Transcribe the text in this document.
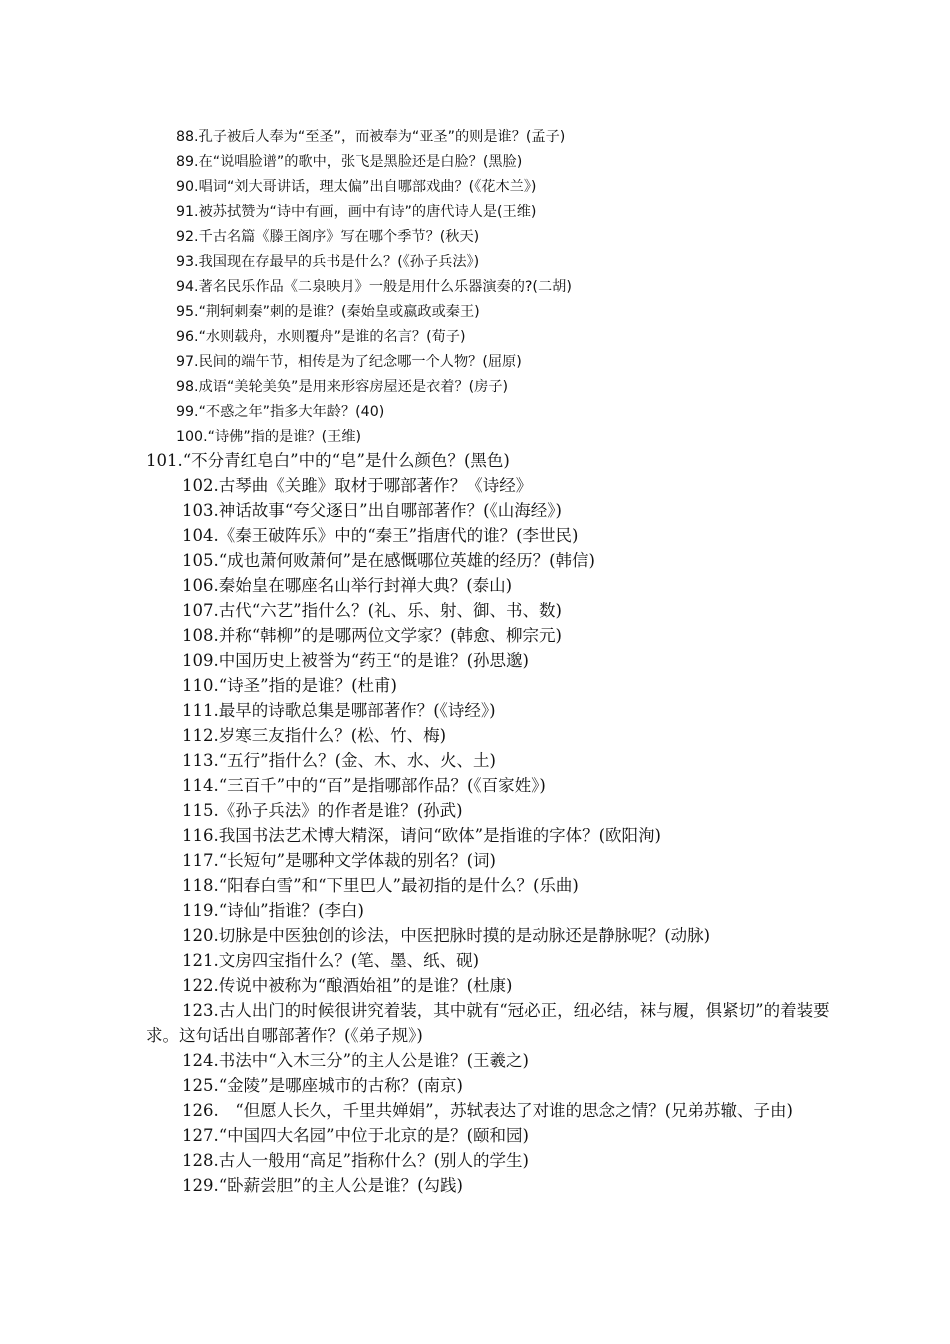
88.孔子被后人奉为“至圣”，而被奉为“亚圣”的则是谁？(孟子)
89.在“说唱脸谱”的歌中，张飞是黑脸还是白脸？(黑脸)
90.唱词“刘大哥讲话，理太偏”出自哪部戏曲？(《花木兰》)
91.被苏拭赞为“诗中有画，画中有诗”的唐代诗人是(王维)
92.千古名篇《滕王阁序》写在哪个季节？(秋天)
93.我国现在存最早的兵书是什么？(《孙子兵法》)
94.著名民乐作品《二泉映月》一般是用什么乐器演奏的?(二胡)
95.“荆轲刺秦”刺的是谁？(秦始皇或嬴政或秦王)
96.“水则载舟，水则覆舟”是谁的名言？(荀子)
97.民间的端午节，相传是为了纪念哪一个人物？(屈原)
98.成语“美轮美奂”是用来形容房屋还是衣着？(房子)
99.“不惑之年”指多大年龄？(40)
100.“诗佛”指的是谁？(王维)
101.“不分青红皂白”中的“皂”是什么颜色？(黑色)
102.古琴曲《关雎》取材于哪部著作？《诗经》
103.神话故事“夸父逐日”出自哪部著作？(《山海经》)
104.《秦王破阵乐》中的“秦王”指唐代的谁？(李世民)
105.“成也萧何败萧何”是在感慨哪位英雄的经历？(韩信)
106.秦始皇在哪座名山举行封禅大典？(泰山)
107.古代“六艺”指什么？(礼、乐、射、御、书、数)
108.并称“韩柳”的是哪两位文学家？(韩愈、柳宗元)
109.中国历史上被誉为“药王“的是谁？(孙思邈)
110.“诗圣”指的是谁？(杜甫)
111.最早的诗歌总集是哪部著作？(《诗经》)
112.岁寒三友指什么？(松、竹、梅)
113.“五行”指什么？(金、木、水、火、土)
114.“三百千”中的“百”是指哪部作品？(《百家姓》)
115.《孙子兵法》的作者是谁？(孙武)
116.我国书法艺术博大精深，请问“欧体”是指谁的字体？(欧阳洵)
117.“长短句”是哪种文学体裁的别名？(词)
118.“阳春白雪”和“下里巴人”最初指的是什么？(乐曲)
119.“诗仙”指谁？(李白)
120.切脉是中医独创的诊法，中医把脉时摸的是动脉还是静脉呢？(动脉)
121.文房四宝指什么？(笔、墨、纸、砚)
122.传说中被称为“酿酒始祖”的是谁？(杜康)
123.古人出门的时候很讲究着装，其中就有“冠必正，纽必结，袜与履，俱紧切”的着装要求。这句话出自哪部著作？(《弟子规》)
124.书法中“入木三分”的主人公是谁？(王羲之)
125.“金陵”是哪座城市的古称？(南京)
126.　“但愿人长久，千里共婵娟”，苏轼表达了对谁的思念之情？(兄弟苏辙、子由)
127.“中国四大名园”中位于北京的是？(颐和园)
128.古人一般用“高足”指称什么？(别人的学生)
129.“卧薪尝胆”的主人公是谁？(勾践)
